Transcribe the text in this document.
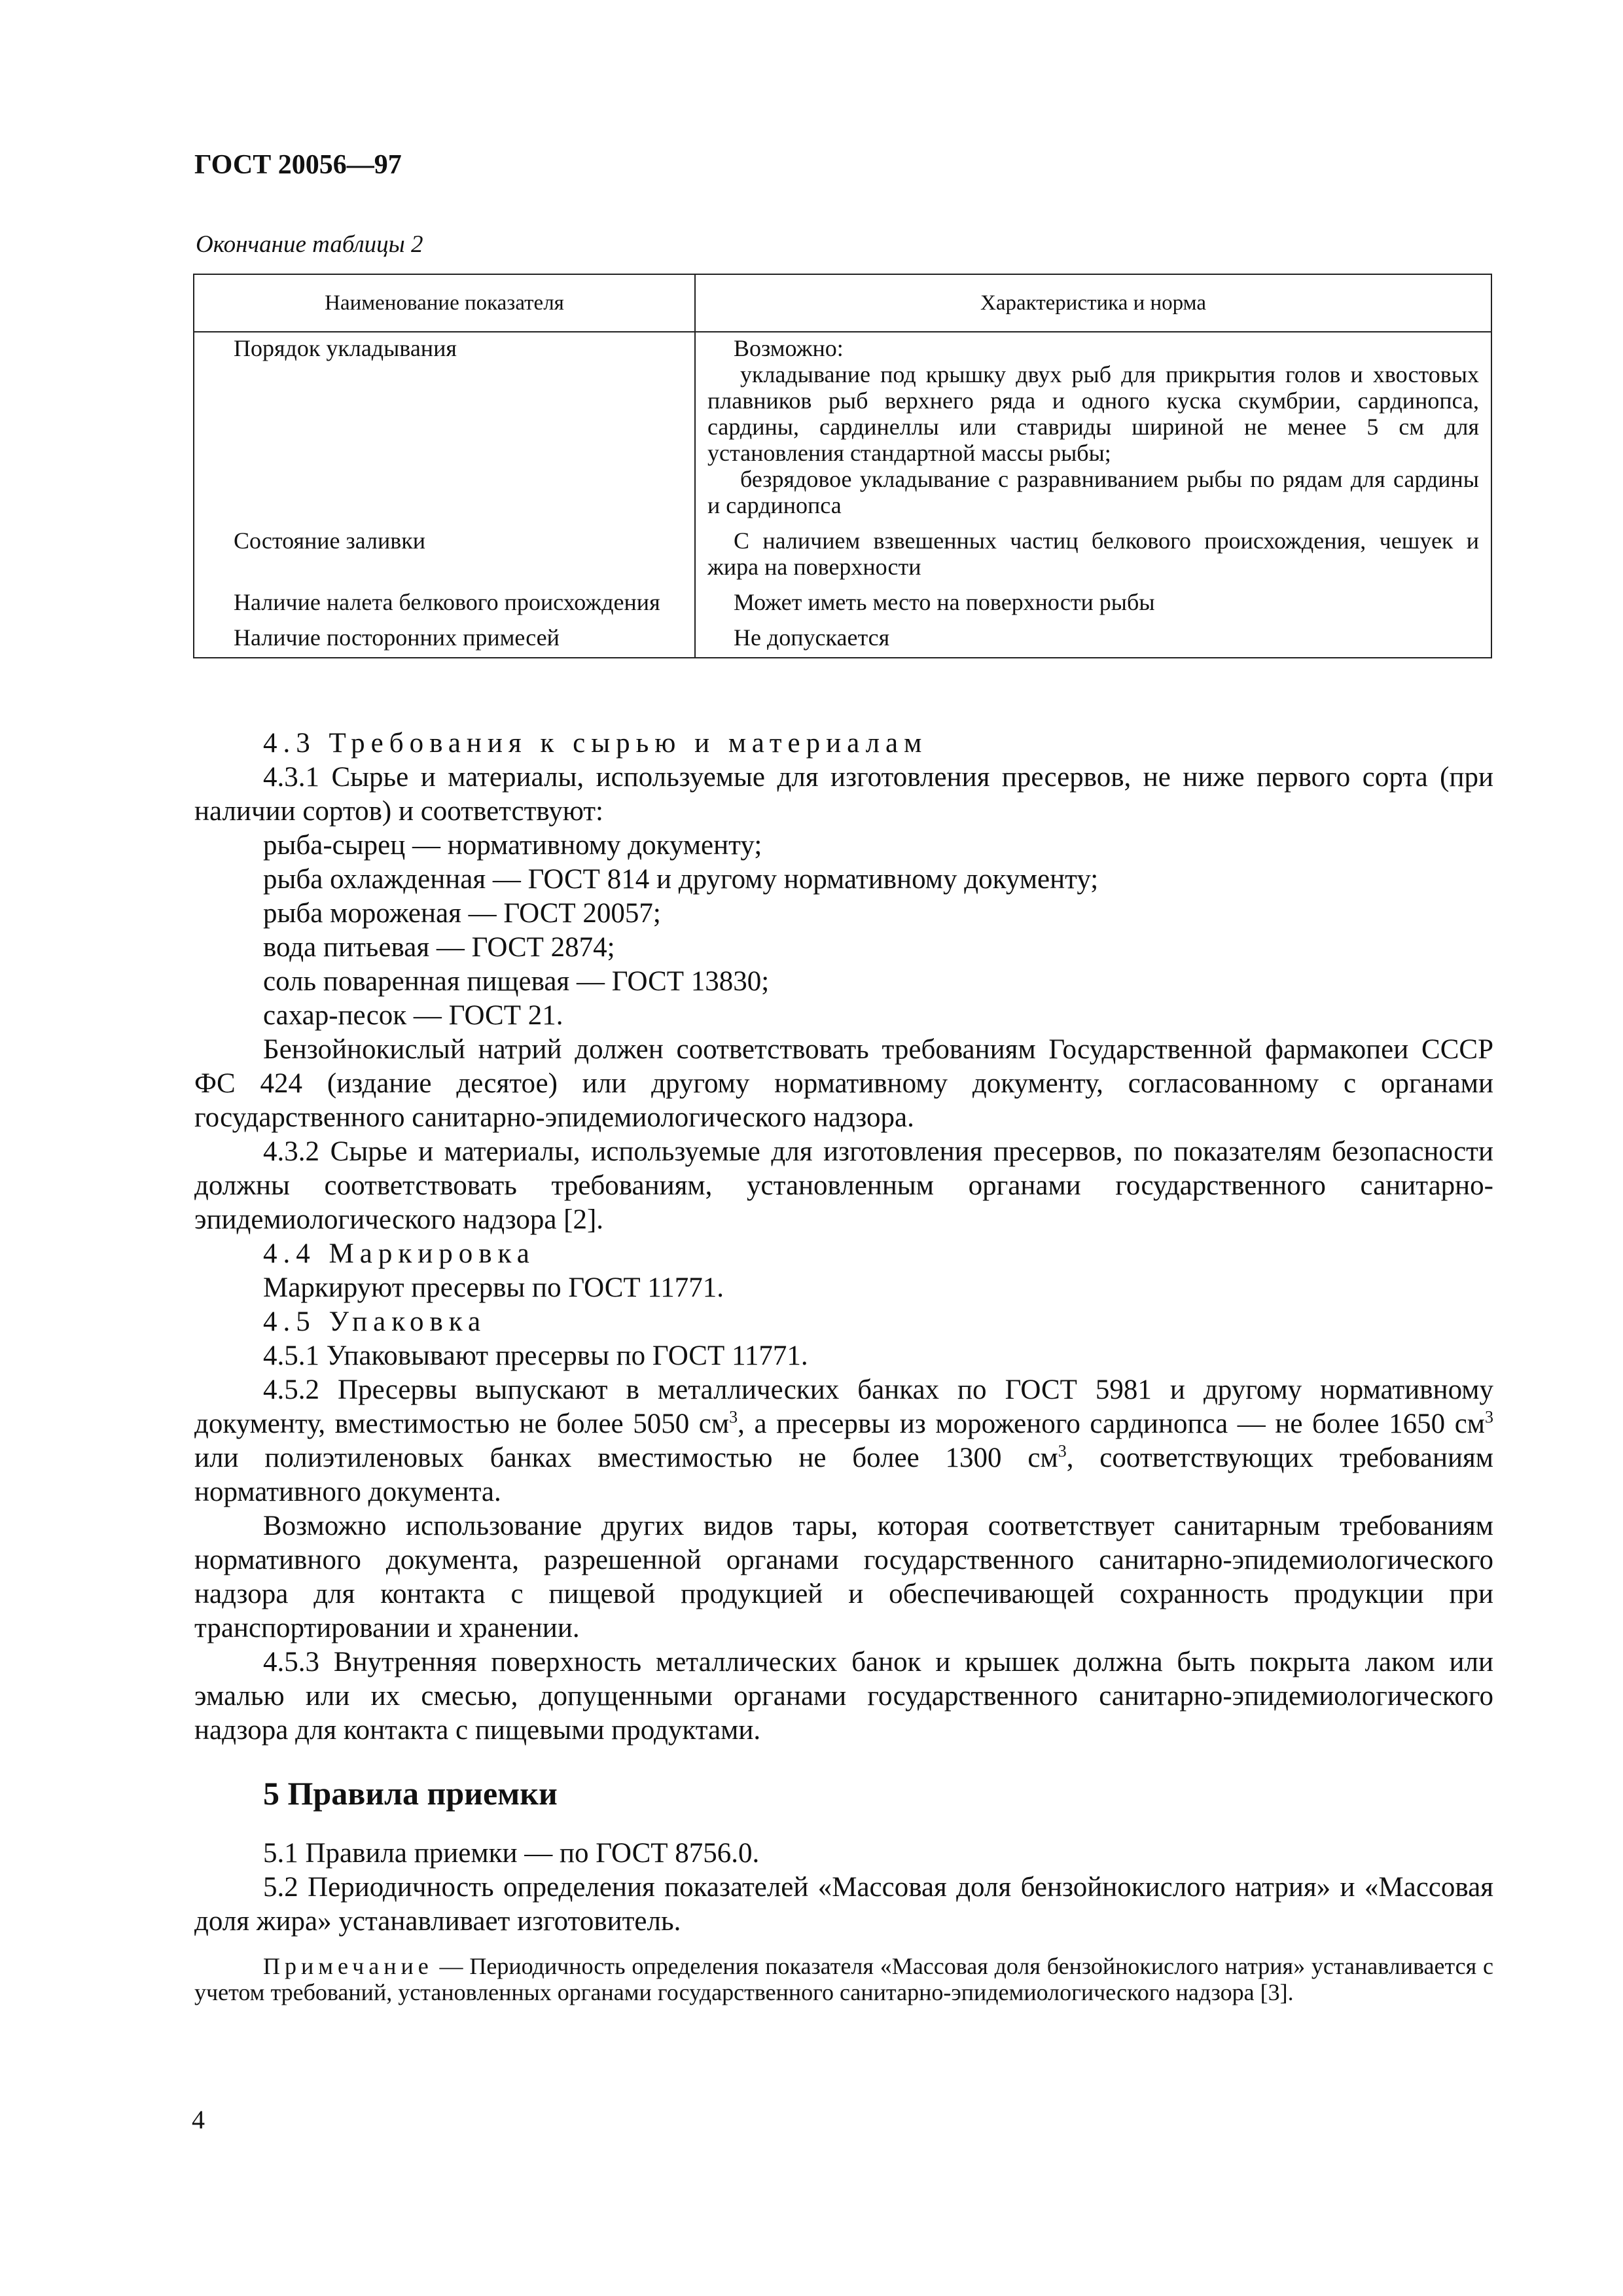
ГОСТ 20056—97
Окончание таблицы 2
Наименование показателя	Характеристика и норма
Порядок укладывания	Возможно:

укладывание под крышку двух рыб для прикрытия голов и хвостовых плавников рыб верхнего ряда и одного куска скумбрии, сардинопса, сардины, сардинеллы или ставриды шириной не менее 5 см для установления стандартной массы рыбы;

безрядовое укладывание с разравниванием рыбы по рядам для сардины и сардинопса

Состояние заливки	С наличием взвешенных частиц белкового происхождения, чешуек и жира на поверхности

Наличие налета белкового происхождения	Может иметь место на поверхности рыбы

Наличие посторонних примесей	Не допускается

4.3 Требования к сырью и материалам

4.3.1 Сырье и материалы, используемые для изготовления пресервов, не ниже первого сорта (при наличии сортов) и соответствуют:

рыба-сырец — нормативному документу;

рыба охлажденная — ГОСТ 814 и другому нормативному документу;

рыба мороженая — ГОСТ 20057;

вода питьевая — ГОСТ 2874;

соль поваренная пищевая — ГОСТ 13830;

сахар-песок — ГОСТ 21.

Бензойнокислый натрий должен соответствовать требованиям Государственной фармакопеи СССР ФС 424 (издание десятое) или другому нормативному документу, согласованному с органами государственного санитарно-эпидемиологического надзора.

4.3.2 Сырье и материалы, используемые для изготовления пресервов, по показателям безопасности должны соответствовать требованиям, установленным органами государственного санитарно-эпидемиологического надзора [2].

4.4 Маркировка

Маркируют пресервы по ГОСТ 11771.

4.5 Упаковка

4.5.1 Упаковывают пресервы по ГОСТ 11771.

4.5.2 Пресервы выпускают в металлических банках по ГОСТ 5981 и другому нормативному документу, вместимостью не более 5050 $см^3$, а пресервы из мороженого сардинопса — не более 1650 $см^3$ или полиэтиленовых банках вместимостью не более 1300 $см^3$, соответствующих требованиям нормативного документа.

Возможно использование других видов тары, которая соответствует санитарным требованиям нормативного документа, разрешенной органами государственного санитарно-эпидемиологического надзора для контакта с пищевой продукцией и обеспечивающей сохранность продукции при транспортировании и хранении.

4.5.3 Внутренняя поверхность металлических банок и крышек должна быть покрыта лаком или эмалью или их смесью, допущенными органами государственного санитарно-эпидемиологического надзора для контакта с пищевыми продуктами.

5 Правила приемки

5.1 Правила приемки — по ГОСТ 8756.0.

5.2 Периодичность определения показателей «Массовая доля бензойнокислого натрия» и «Массовая доля жира» устанавливает изготовитель.

Примечание — Периодичность определения показателя «Массовая доля бензойнокислого натрия» устанавливается с учетом требований, установленных органами государственного санитарно-эпидемиологического надзора [3].

4
